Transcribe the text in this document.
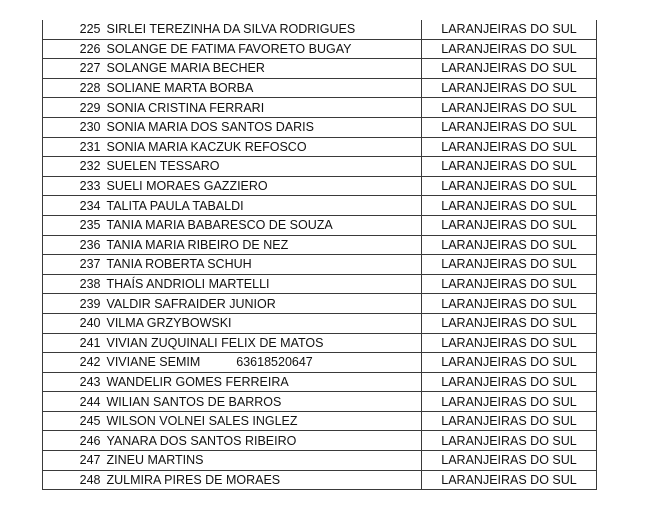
225	SIRLEI TEREZINHA DA SILVA RODRIGUES	LARANJEIRAS DO SUL
226	SOLANGE DE FATIMA FAVORETO BUGAY	LARANJEIRAS DO SUL
227	SOLANGE MARIA BECHER	LARANJEIRAS DO SUL
228	SOLIANE MARTA BORBA	LARANJEIRAS DO SUL
229	SONIA CRISTINA FERRARI	LARANJEIRAS DO SUL
230	SONIA MARIA DOS SANTOS DARIS	LARANJEIRAS DO SUL
231	SONIA MARIA KACZUK REFOSCO	LARANJEIRAS DO SUL
232	SUELEN TESSARO	LARANJEIRAS DO SUL
233	SUELI MORAES GAZZIERO	LARANJEIRAS DO SUL
234	TALITA PAULA TABALDI	LARANJEIRAS DO SUL
235	TANIA MARIA BABARESCO DE SOUZA	LARANJEIRAS DO SUL
236	TANIA MARIA RIBEIRO DE NEZ	LARANJEIRAS DO SUL
237	TANIA ROBERTA SCHUH	LARANJEIRAS DO SUL
238	THAÍS ANDRIOLI MARTELLI	LARANJEIRAS DO SUL
239	VALDIR SAFRAIDER JUNIOR	LARANJEIRAS DO SUL
240	VILMA GRZYBOWSKI	LARANJEIRAS DO SUL
241	VIVIAN ZUQUINALI FELIX DE MATOS	LARANJEIRAS DO SUL
242	VIVIANE SEMIM 63618520647	LARANJEIRAS DO SUL
243	WANDELIR GOMES FERREIRA	LARANJEIRAS DO SUL
244	WILIAN SANTOS DE BARROS	LARANJEIRAS DO SUL
245	WILSON VOLNEI SALES INGLEZ	LARANJEIRAS DO SUL
246	YANARA DOS SANTOS RIBEIRO	LARANJEIRAS DO SUL
247	ZINEU MARTINS	LARANJEIRAS DO SUL
248	ZULMIRA PIRES DE MORAES	LARANJEIRAS DO SUL
